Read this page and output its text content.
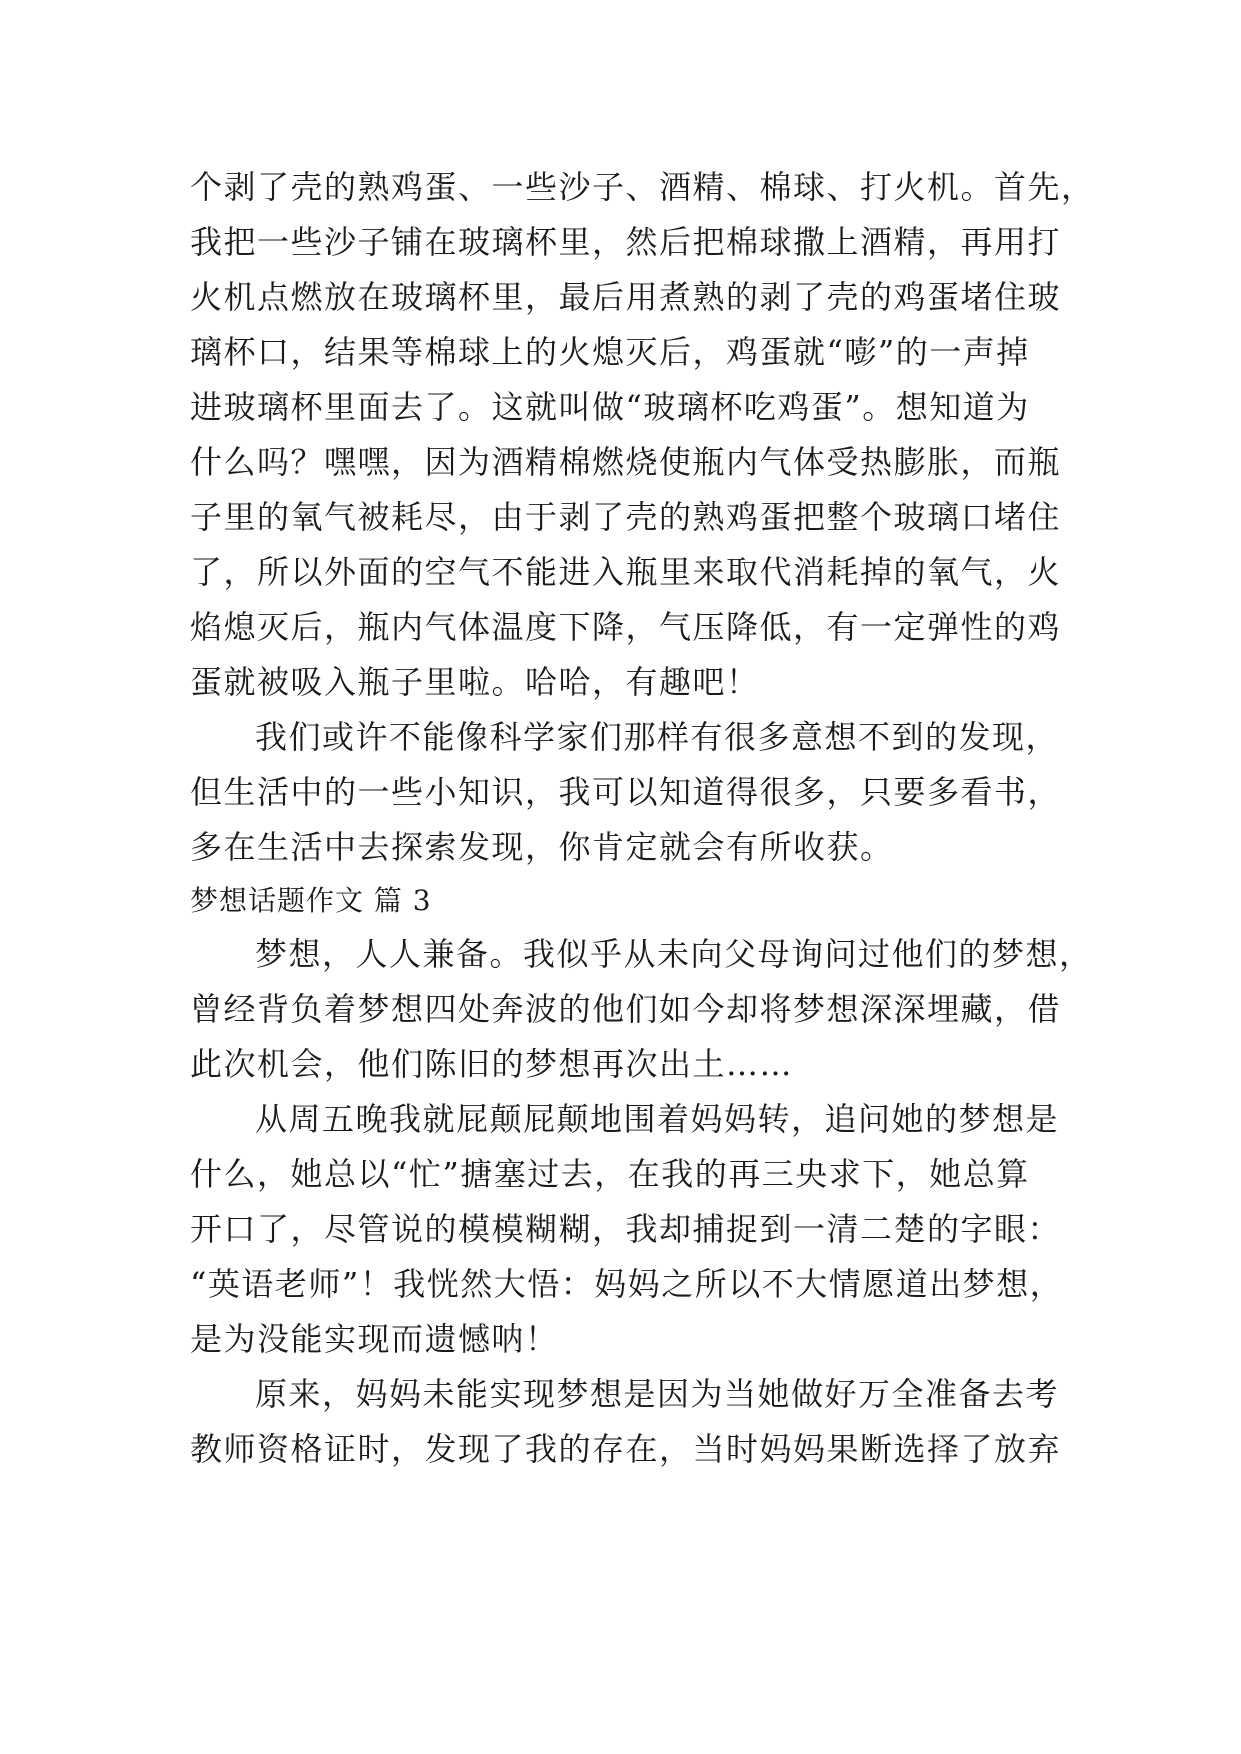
个剥了壳的熟鸡蛋、一些沙子、酒精、棉球、打火机。首先，
我把一些沙子铺在玻璃杯里，然后把棉球撒上酒精，再用打
火机点燃放在玻璃杯里，最后用煮熟的剥了壳的鸡蛋堵住玻
璃杯口，结果等棉球上的火熄灭后，鸡蛋就“嘭”的一声掉
进玻璃杯里面去了。这就叫做“玻璃杯吃鸡蛋”。想知道为
什么吗？嘿嘿，因为酒精棉燃烧使瓶内气体受热膨胀，而瓶
子里的氧气被耗尽，由于剥了壳的熟鸡蛋把整个玻璃口堵住
了，所以外面的空气不能进入瓶里来取代消耗掉的氧气，火
焰熄灭后，瓶内气体温度下降，气压降低，有一定弹性的鸡
蛋就被吸入瓶子里啦。哈哈，有趣吧！
我们或许不能像科学家们那样有很多意想不到的发现，
但生活中的一些小知识，我可以知道得很多，只要多看书，
多在生活中去探索发现，你肯定就会有所收获。
梦想话题作文 篇 3
梦想，人人兼备。我似乎从未向父母询问过他们的梦想，
曾经背负着梦想四处奔波的他们如今却将梦想深深埋藏，借
此次机会，他们陈旧的梦想再次出土……
从周五晚我就屁颠屁颠地围着妈妈转，追问她的梦想是
什么，她总以“忙”搪塞过去，在我的再三央求下，她总算
开口了，尽管说的模模糊糊，我却捕捉到一清二楚的字眼：
“英语老师”！我恍然大悟：妈妈之所以不大情愿道出梦想，
是为没能实现而遗憾呐！
原来，妈妈未能实现梦想是因为当她做好万全准备去考
教师资格证时，发现了我的存在，当时妈妈果断选择了放弃
